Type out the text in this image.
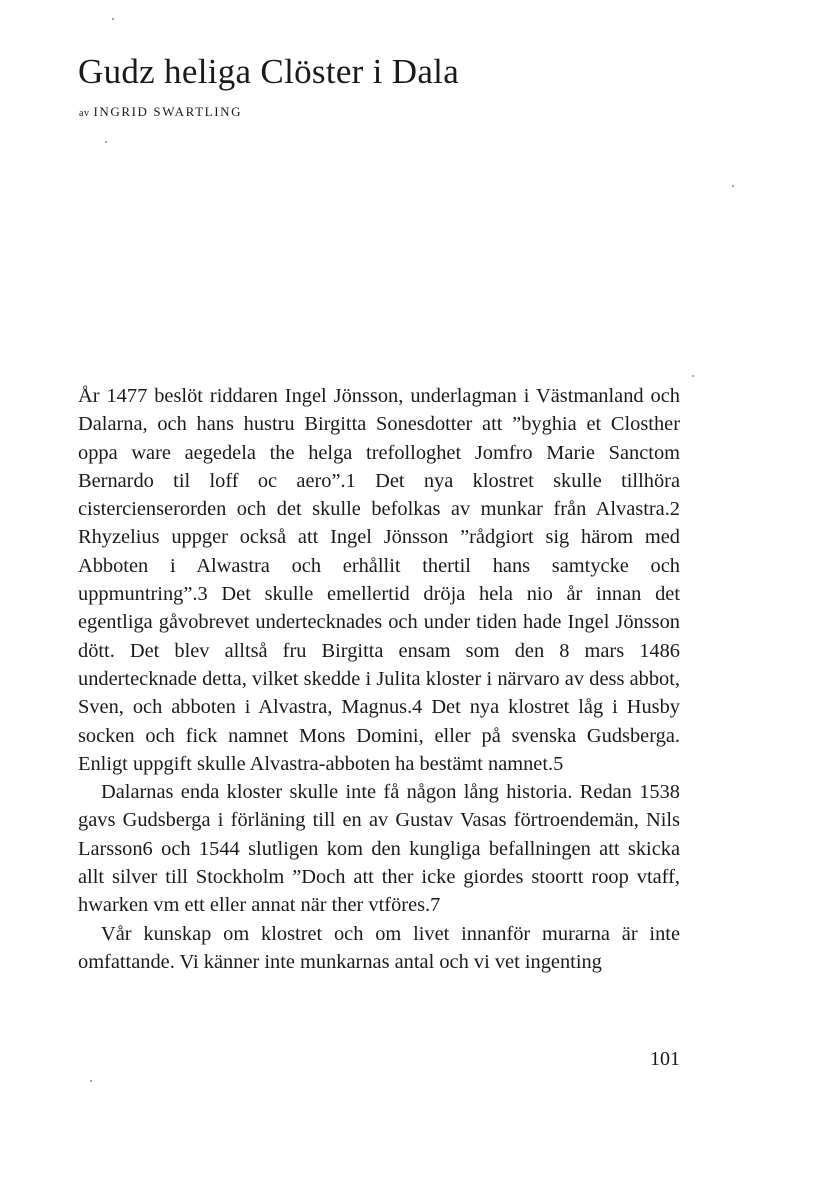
Gudz heliga Clöster i Dala
av INGRID SWARTLING

År 1477 beslöt riddaren Ingel Jönsson, underlagman i Västmanland och Dalarna, och hans hustru Birgitta Sonesdotter att ”byghia et Closther oppa ware aegedela the helga trefolloghet Jomfro Marie Sanctom Bernardo til loff oc aero”.1 Det nya klostret skulle tillhöra cistercienserorden och det skulle befolkas av munkar från Alvastra.2 Rhyzelius uppger också att Ingel Jönsson ”rådgiort sig härom med Abboten i Alwastra och erhållit thertil hans samtycke och uppmuntring”.3 Det skulle emellertid dröja hela nio år innan det egentliga gåvobrevet undertecknades och under tiden hade Ingel Jönsson dött. Det blev alltså fru Birgitta ensam som den 8 mars 1486 undertecknade detta, vilket skedde i Julita kloster i närvaro av dess abbot, Sven, och abboten i Alvastra, Magnus.4 Det nya klostret låg i Husby socken och fick namnet Mons Domini, eller på svenska Gudsberga. Enligt uppgift skulle Alvastra-abboten ha bestämt namnet.5

Dalarnas enda kloster skulle inte få någon lång historia. Redan 1538 gavs Gudsberga i förläning till en av Gustav Vasas förtroendemän, Nils Larsson6 och 1544 slutligen kom den kungliga befallningen att skicka allt silver till Stockholm ”Doch att ther icke giordes stoortt roop vtaff, hwarken vm ett eller annat när ther vtföres.7

Vår kunskap om klostret och om livet innanför murarna är inte omfattande. Vi känner inte munkarnas antal och vi vet ingenting

101
